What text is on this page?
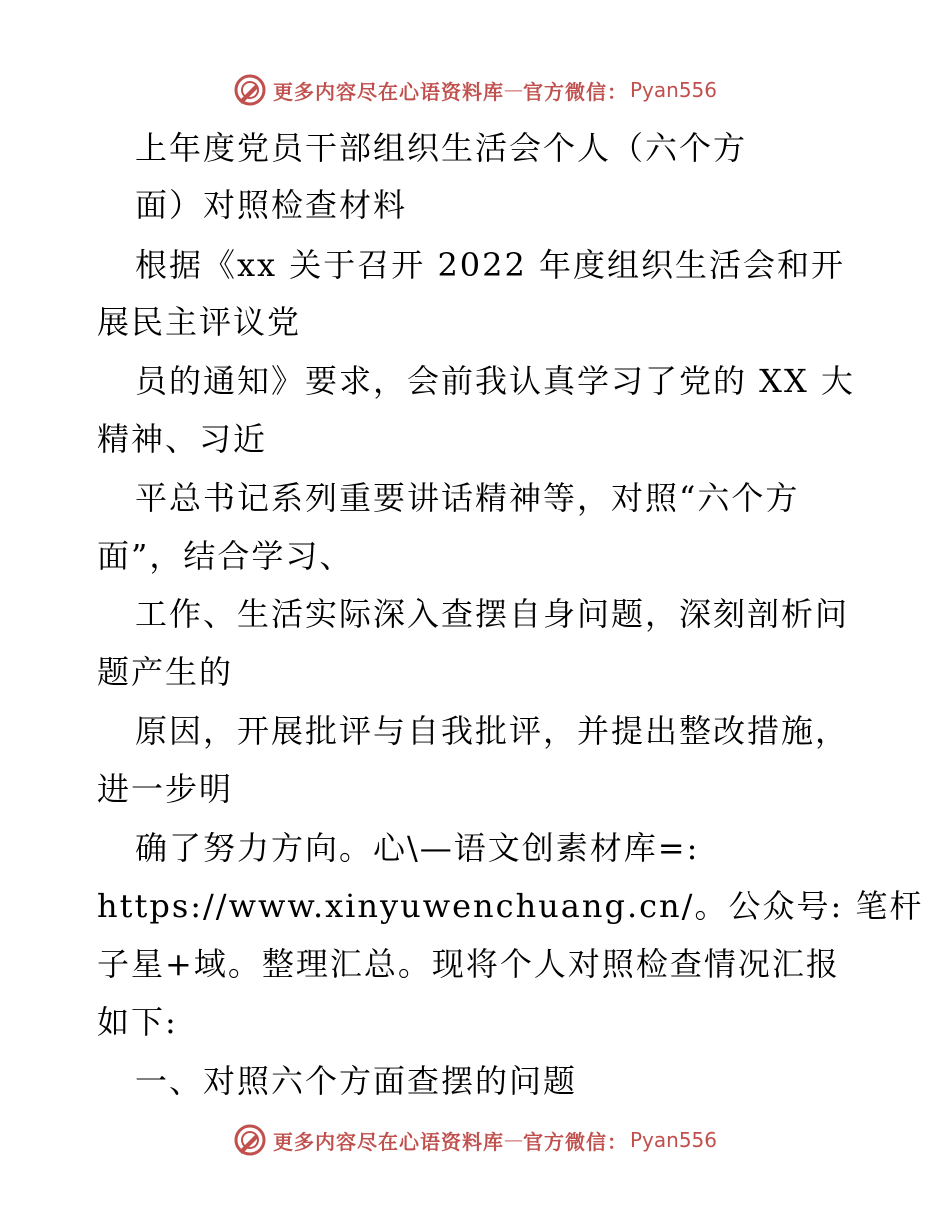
更多内容尽在心语资料库 — 官方微信： Pyan556
上年度党员干部组织生活会个人（六个方
面）对照检查材料
根据《xx 关于召开 2022 年度组织生活会和开
展民主评议党
员的通知》要求，会前我认真学习了党的 XX 大
精神、习近
平总书记系列重要讲话精神等，对照“六个方
面”，结合学习、
工作、生活实际深入查摆自身问题，深刻剖析问
题产生的
原因，开展批评与自我批评，并提出整改措施，
进一步明
确了努力方向。心\—语文创素材库=:
https://www.xinyuwenchuang.cn/。公众号: 笔杆
子星+域。整理汇总。现将个人对照检查情况汇报
如下:
一、对照六个方面查摆的问题
更多内容尽在心语资料库 — 官方微信： Pyan556
